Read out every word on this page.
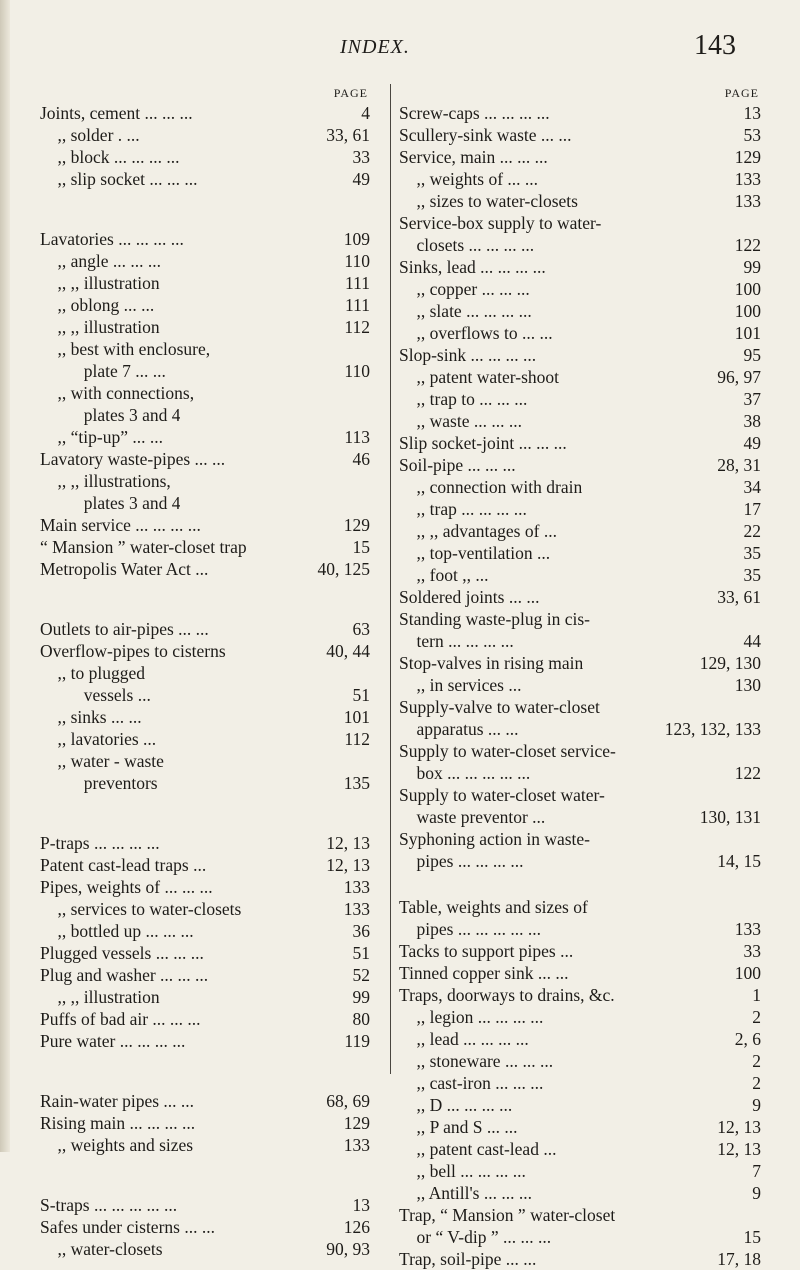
INDEX.	143
PAGE
Joints, cement ... ... ...	4
,, solder . ...	33, 61
,, block ... ... ... ...	33
,, slip socket ... ... ...	49
Lavatories ... ... ... ...	109
,, angle ... ... ...	110
,, ,, illustration	111
,, oblong ... ...	111
,, ,, illustration	112
,, best with enclosure,
plate 7 ... ...	110
,, with connections,
plates 3 and 4
,, “tip-up” ... ...	113
Lavatory waste-pipes ... ...	46
,, ,, illustrations,
plates 3 and 4
Main service ... ... ... ...	129
“ Mansion ” water-closet trap	15
Metropolis Water Act ...	40, 125
Outlets to air-pipes ... ...	63
Overflow-pipes to cisterns	40, 44
,, to plugged
vessels ...	51
,, sinks ... ...	101
,, lavatories ...	112
,, water - waste
preventors	135
P-traps ... ... ... ...	12, 13
Patent cast-lead traps ...	12, 13
Pipes, weights of ... ... ...	133
,, services to water-closets	133
,, bottled up ... ... ...	36
Plugged vessels ... ... ...	51
Plug and washer ... ... ...	52
,, ,, illustration	99
Puffs of bad air ... ... ...	80
Pure water ... ... ... ...	119
Rain-water pipes ... ...	68, 69
Rising main ... ... ... ...	129
,, weights and sizes	133
S-traps ... ... ... ... ...	13
Safes under cisterns ... ...	126
,, water-closets	90, 93
PAGE
Screw-caps ... ... ... ...	13
Scullery-sink waste ... ...	53
Service, main ... ... ...	129
,, weights of ... ...	133
,, sizes to water-closets	133
Service-box supply to water-
closets ... ... ... ...	122
Sinks, lead ... ... ... ...	99
,, copper ... ... ...	100
,, slate ... ... ... ...	100
,, overflows to ... ...	101
Slop-sink ... ... ... ...	95
,, patent water-shoot	96, 97
,, trap to ... ... ...	37
,, waste ... ... ...	38
Slip socket-joint ... ... ...	49
Soil-pipe ... ... ...	28, 31
,, connection with drain	34
,, trap ... ... ... ...	17
,, ,, advantages of ...	22
,, top-ventilation ...	35
,, foot ,, ...	35
Soldered joints ... ...	33, 61
Standing waste-plug in cis-
tern ... ... ... ...	44
Stop-valves in rising main	129, 130
,, in services ...	130
Supply-valve to water-closet
apparatus ... ...	123, 132, 133
Supply to water-closet service-
box ... ... ... ... ...	122
Supply to water-closet water-
waste preventor ...	130, 131
Syphoning action in waste-
pipes ... ... ... ...	14, 15
Table, weights and sizes of
pipes ... ... ... ... ...	133
Tacks to support pipes ...	33
Tinned copper sink ... ...	100
Traps, doorways to drains, &c.	1
,, legion ... ... ... ...	2
,, lead ... ... ... ...	2, 6
,, stoneware ... ... ...	2
,, cast-iron ... ... ...	2
,, D ... ... ... ...	9
,, P and S ... ...	12, 13
,, patent cast-lead ...	12, 13
,, bell ... ... ... ...	7
,, Antill's ... ... ...	9
Trap, “ Mansion ” water-closet
or “ V-dip ” ... ... ...	15
Trap, soil-pipe ... ...	17, 18
